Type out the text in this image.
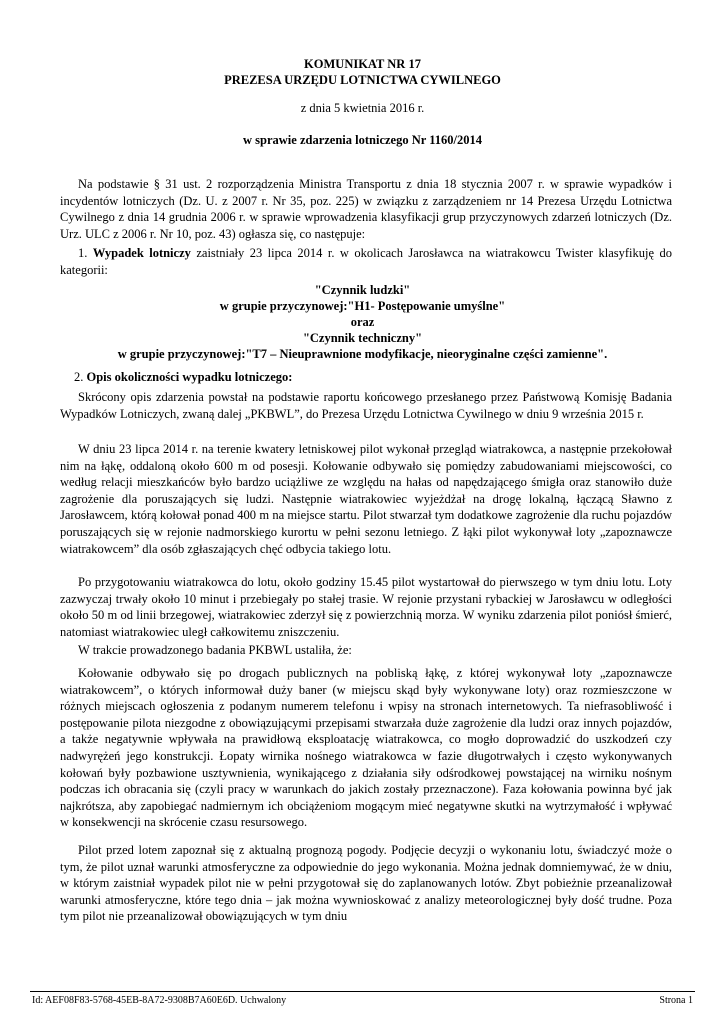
KOMUNIKAT NR 17
PREZESA URZĘDU LOTNICTWA CYWILNEGO
z dnia 5 kwietnia 2016 r.
w sprawie zdarzenia lotniczego Nr 1160/2014

Na podstawie § 31 ust. 2 rozporządzenia Ministra Transportu z dnia 18 stycznia 2007 r. w sprawie wypadków i incydentów lotniczych (Dz. U. z 2007 r. Nr 35, poz. 225) w związku z zarządzeniem nr 14 Prezesa Urzędu Lotnictwa Cywilnego z dnia 14 grudnia 2006 r. w sprawie wprowadzenia klasyfikacji grup przyczynowych zdarzeń lotniczych (Dz. Urz. ULC z 2006 r. Nr 10, poz. 43) ogłasza się, co następuje:

1. Wypadek lotniczy zaistniały 23 lipca 2014 r. w okolicach Jarosławca na wiatrakowcu Twister klasyfikuję do kategorii:

"Czynnik ludzki"
w grupie przyczynowej:"H1- Postępowanie umyślne"
oraz
"Czynnik techniczny"
w grupie przyczynowej:"T7 – Nieuprawnione modyfikacje, nieoryginalne części zamienne".

2. Opis okoliczności wypadku lotniczego:

Skrócony opis zdarzenia powstał na podstawie raportu końcowego przesłanego przez Państwową Komisję Badania Wypadków Lotniczych, zwaną dalej „PKBWL”, do Prezesa Urzędu Lotnictwa Cywilnego w dniu 9 września 2015 r.

W dniu 23 lipca 2014 r. na terenie kwatery letniskowej pilot wykonał przegląd wiatrakowca, a następnie przekołował nim na łąkę, oddaloną około 600 m od posesji. Kołowanie odbywało się pomiędzy zabudowaniami miejscowości, co według relacji mieszkańców było bardzo uciążliwe ze względu na hałas od napędzającego śmigła oraz stanowiło duże zagrożenie dla poruszających się ludzi. Następnie wiatrakowiec wyjeżdżał na drogę lokalną, łączącą Sławno z Jarosławcem, którą kołował ponad 400 m na miejsce startu. Pilot stwarzał tym dodatkowe zagrożenie dla ruchu pojazdów poruszających się w rejonie nadmorskiego kurortu w pełni sezonu letniego. Z łąki pilot wykonywał loty „zapoznawcze wiatrakowcem” dla osób zgłaszających chęć odbycia takiego lotu.

Po przygotowaniu wiatrakowca do lotu, około godziny 15.45 pilot wystartował do pierwszego w tym dniu lotu. Loty zazwyczaj trwały około 10 minut i przebiegały po stałej trasie. W rejonie przystani rybackiej w Jarosławcu w odległości około 50 m od linii brzegowej, wiatrakowiec zderzył się z powierzchnią morza. W wyniku zdarzenia pilot poniósł śmierć, natomiast wiatrakowiec uległ całkowitemu zniszczeniu.

W trakcie prowadzonego badania PKBWL ustaliła, że:

Kołowanie odbywało się po drogach publicznych na pobliską łąkę, z której wykonywał loty „zapoznawcze wiatrakowcem”, o których informował duży baner (w miejscu skąd były wykonywane loty) oraz rozmieszczone w różnych miejscach ogłoszenia z podanym numerem telefonu i wpisy na stronach internetowych. Ta niefrasobliwość i postępowanie pilota niezgodne z obowiązującymi przepisami stwarzała duże zagrożenie dla ludzi oraz innych pojazdów, a także negatywnie wpływała na prawidłową eksploatację wiatrakowca, co mogło doprowadzić do uszkodzeń czy nadwyrężeń jego konstrukcji. Łopaty wirnika nośnego wiatrakowca w fazie długotrwałych i często wykonywanych kołowań były pozbawione usztywnienia, wynikającego z działania siły odśrodkowej powstającej na wirniku nośnym podczas ich obracania się (czyli pracy w warunkach do jakich zostały przeznaczone). Faza kołowania powinna być jak najkrótsza, aby zapobiegać nadmiernym ich obciążeniom mogącym mieć negatywne skutki na wytrzymałość i wpływać w konsekwencji na skrócenie czasu resursowego.

Pilot przed lotem zapoznał się z aktualną prognozą pogody. Podjęcie decyzji o wykonaniu lotu, świadczyć może o tym, że pilot uznał warunki atmosferyczne za odpowiednie do jego wykonania. Można jednak domniemywać, że w dniu, w którym zaistniał wypadek pilot nie w pełni przygotował się do zaplanowanych lotów. Zbyt pobieżnie przeanalizował warunki atmosferyczne, które tego dnia – jak można wywnioskować z analizy meteorologicznej były dość trudne. Poza tym pilot nie przeanalizował obowiązujących w tym dniu

Id: AEF08F83-5768-45EB-8A72-9308B7A60E6D. Uchwalony	Strona 1
